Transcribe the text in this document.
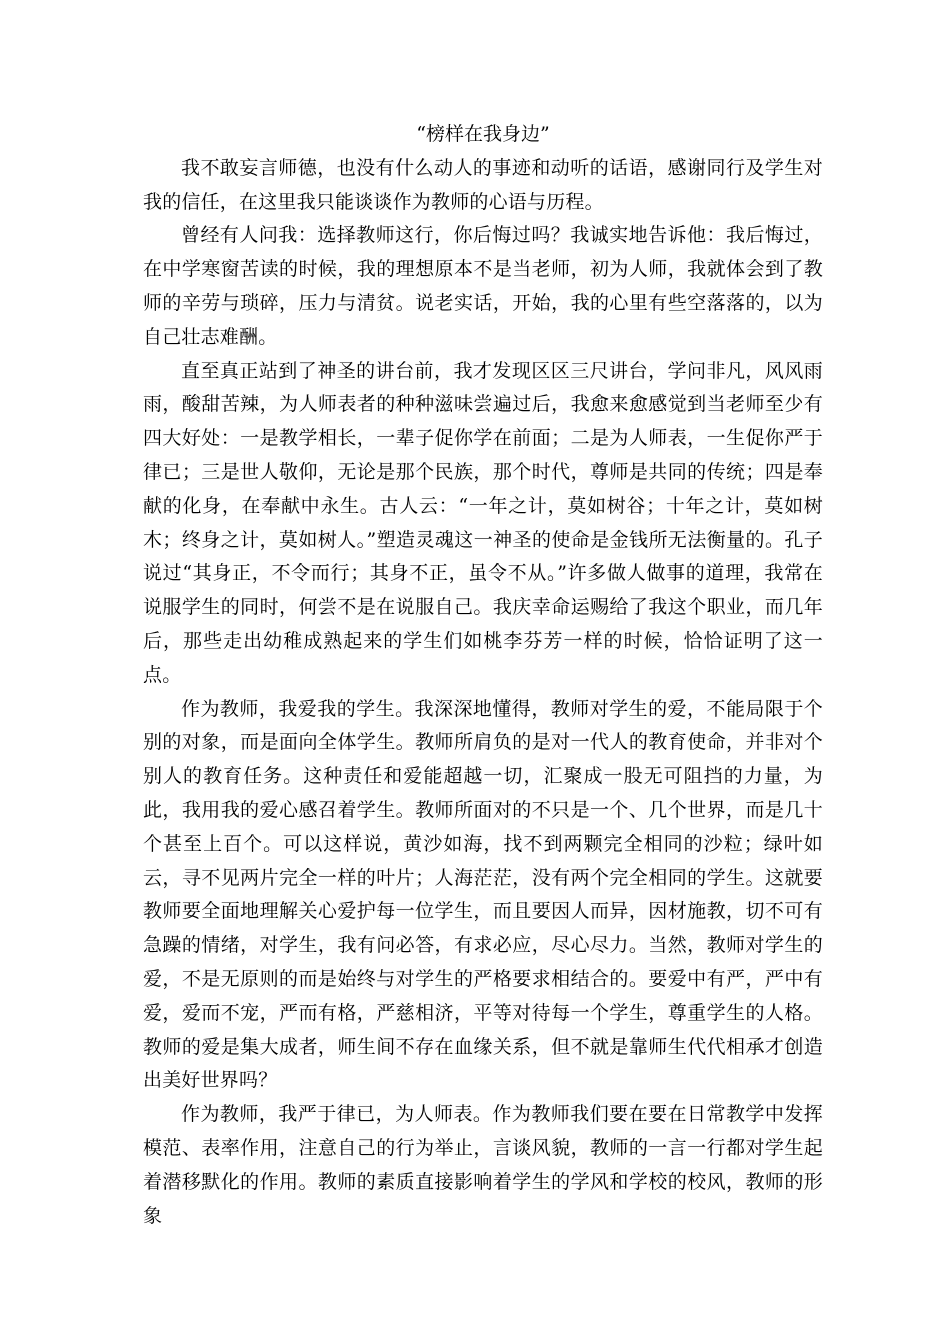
“榜样在我身边”

我不敢妄言师德，也没有什么动人的事迹和动听的话语，感谢同行及学生对我的信任，在这里我只能谈谈作为教师的心语与历程。

曾经有人问我：选择教师这行，你后悔过吗？我诚实地告诉他：我后悔过，在中学寒窗苦读的时候，我的理想原本不是当老师，初为人师，我就体会到了教师的辛劳与琐碎，压力与清贫。说老实话，开始，我的心里有些空落落的，以为自己壮志难酬。

直至真正站到了神圣的讲台前，我才发现区区三尺讲台，学问非凡，风风雨雨，酸甜苦辣，为人师表者的种种滋味尝遍过后，我愈来愈感觉到当老师至少有四大好处：一是教学相长，一辈子促你学在前面；二是为人师表，一生促你严于律已；三是世人敬仰，无论是那个民族，那个时代，尊师是共同的传统；四是奉献的化身，在奉献中永生。古人云：“一年之计，莫如树谷；十年之计，莫如树木；终身之计，莫如树人。”塑造灵魂这一神圣的使命是金钱所无法衡量的。孔子说过“其身正，不令而行；其身不正，虽令不从。”许多做人做事的道理，我常在说服学生的同时，何尝不是在说服自己。我庆幸命运赐给了我这个职业，而几年后，那些走出幼稚成熟起来的学生们如桃李芬芳一样的时候，恰恰证明了这一点。

作为教师，我爱我的学生。我深深地懂得，教师对学生的爱，不能局限于个别的对象，而是面向全体学生。教师所肩负的是对一代人的教育使命，并非对个别人的教育任务。这种责任和爱能超越一切，汇聚成一股无可阻挡的力量，为此，我用我的爱心感召着学生。教师所面对的不只是一个、几个世界，而是几十个甚至上百个。可以这样说，黄沙如海，找不到两颗完全相同的沙粒；绿叶如云，寻不见两片完全一样的叶片；人海茫茫，没有两个完全相同的学生。这就要教师要全面地理解关心爱护每一位学生，而且要因人而异，因材施教，切不可有急躁的情绪，对学生，我有问必答，有求必应，尽心尽力。当然，教师对学生的爱，不是无原则的而是始终与对学生的严格要求相结合的。要爱中有严，严中有爱，爱而不宠，严而有格，严慈相济，平等对待每一个学生，尊重学生的人格。教师的爱是集大成者，师生间不存在血缘关系，但不就是靠师生代代相承才创造出美好世界吗？

作为教师，我严于律已，为人师表。作为教师我们要在要在日常教学中发挥模范、表率作用，注意自己的行为举止，言谈风貌，教师的一言一行都对学生起着潜移默化的作用。教师的素质直接影响着学生的学风和学校的校风，教师的形象
